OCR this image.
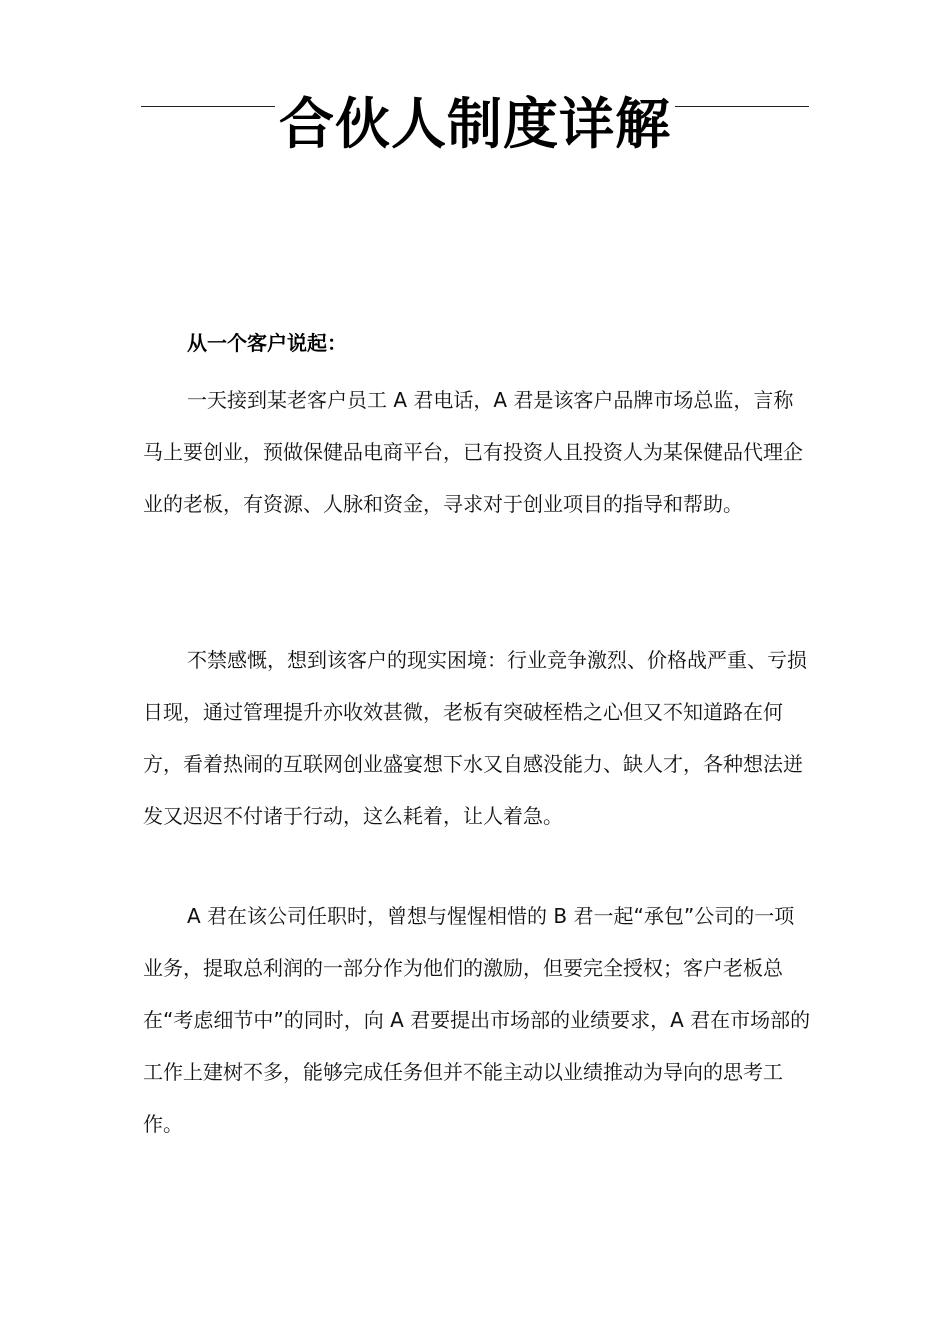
合伙人制度详解
从一个客户说起：

一天接到某老客户员工 A 君电话，A 君是该客户品牌市场总监，言称马上要创业，预做保健品电商平台，已有投资人且投资人为某保健品代理企业的老板，有资源、人脉和资金，寻求对于创业项目的指导和帮助。

不禁感慨，想到该客户的现实困境：行业竞争激烈、价格战严重、亏损日现，通过管理提升亦收效甚微，老板有突破桎梏之心但又不知道路在何方，看着热闹的互联网创业盛宴想下水又自感没能力、缺人才，各种想法迸发又迟迟不付诸于行动，这么耗着，让人着急。

A 君在该公司任职时，曾想与惺惺相惜的 B 君一起“承包”公司的一项业务，提取总利润的一部分作为他们的激励，但要完全授权；客户老板总在“考虑细节中”的同时，向 A 君要提出市场部的业绩要求，A 君在市场部的工作上建树不多，能够完成任务但并不能主动以业绩推动为导向的思考工作。
